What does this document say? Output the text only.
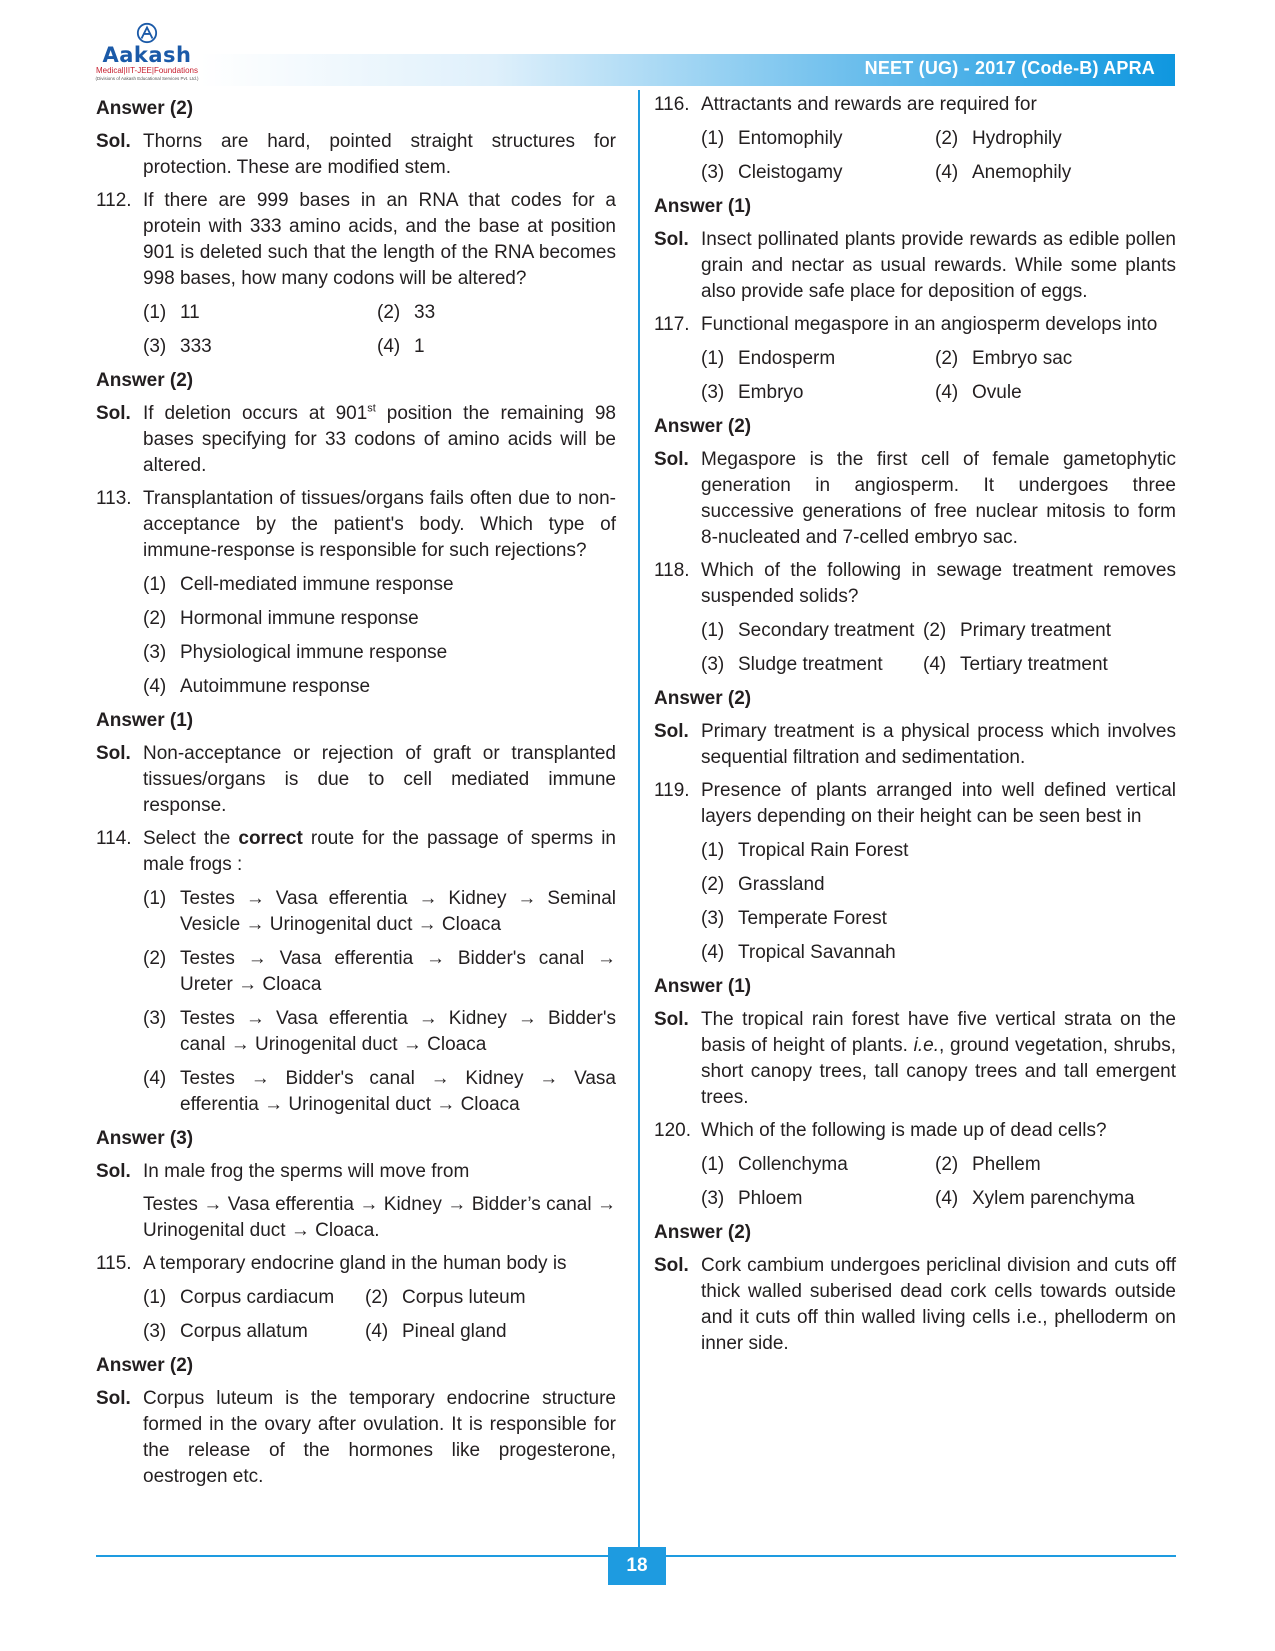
Aakash
Medical|IIT-JEE|Foundations
(Divisions of Aakash Educational Services Pvt. Ltd.)
NEET (UG) - 2017 (Code-B) APRA
Answer (2)
Sol. Thorns are hard, pointed straight structures for protection. These are modified stem.
112. If there are 999 bases in an RNA that codes for a protein with 333 amino acids, and the base at position 901 is deleted such that the length of the RNA becomes 998 bases, how many codons will be altered?
(1) 11	(2) 33
(3) 333	(4) 1
Answer (2)
Sol. If deletion occurs at 901st position the remaining 98 bases specifying for 33 codons of amino acids will be altered.
113. Transplantation of tissues/organs fails often due to non-acceptance by the patient's body. Which type of immune-response is responsible for such rejections?
(1) Cell-mediated immune response
(2) Hormonal immune response
(3) Physiological immune response
(4) Autoimmune response
Answer (1)
Sol. Non-acceptance or rejection of graft or transplanted tissues/organs is due to cell mediated immune response.
114. Select the correct route for the passage of sperms in male frogs :
(1) Testes → Vasa efferentia → Kidney → Seminal Vesicle → Urinogenital duct → Cloaca
(2) Testes → Vasa efferentia → Bidder's canal → Ureter → Cloaca
(3) Testes → Vasa efferentia → Kidney → Bidder's canal → Urinogenital duct → Cloaca
(4) Testes → Bidder's canal → Kidney → Vasa efferentia → Urinogenital duct → Cloaca
Answer (3)
Sol. In male frog the sperms will move from
Testes → Vasa efferentia → Kidney → Bidder’s canal → Urinogenital duct → Cloaca.
115. A temporary endocrine gland in the human body is
(1) Corpus cardiacum	(2) Corpus luteum
(3) Corpus allatum	(4) Pineal gland
Answer (2)
Sol. Corpus luteum is the temporary endocrine structure formed in the ovary after ovulation. It is responsible for the release of the hormones like progesterone, oestrogen etc.
116. Attractants and rewards are required for
(1) Entomophily	(2) Hydrophily
(3) Cleistogamy	(4) Anemophily
Answer (1)
Sol. Insect pollinated plants provide rewards as edible pollen grain and nectar as usual rewards. While some plants also provide safe place for deposition of eggs.
117. Functional megaspore in an angiosperm develops into
(1) Endosperm	(2) Embryo sac
(3) Embryo	(4) Ovule
Answer (2)
Sol. Megaspore is the first cell of female gametophytic generation in angiosperm. It undergoes three successive generations of free nuclear mitosis to form 8-nucleated and 7-celled embryo sac.
118. Which of the following in sewage treatment removes suspended solids?
(1) Secondary treatment (2) Primary treatment
(3) Sludge treatment	(4) Tertiary treatment
Answer (2)
Sol. Primary treatment is a physical process which involves sequential filtration and sedimentation.
119. Presence of plants arranged into well defined vertical layers depending on their height can be seen best in
(1) Tropical Rain Forest
(2) Grassland
(3) Temperate Forest
(4) Tropical Savannah
Answer (1)
Sol. The tropical rain forest have five vertical strata on the basis of height of plants. i.e., ground vegetation, shrubs, short canopy trees, tall canopy trees and tall emergent trees.
120. Which of the following is made up of dead cells?
(1) Collenchyma	(2) Phellem
(3) Phloem	(4) Xylem parenchyma
Answer (2)
Sol. Cork cambium undergoes periclinal division and cuts off thick walled suberised dead cork cells towards outside and it cuts off thin walled living cells i.e., phelloderm on inner side.
18
